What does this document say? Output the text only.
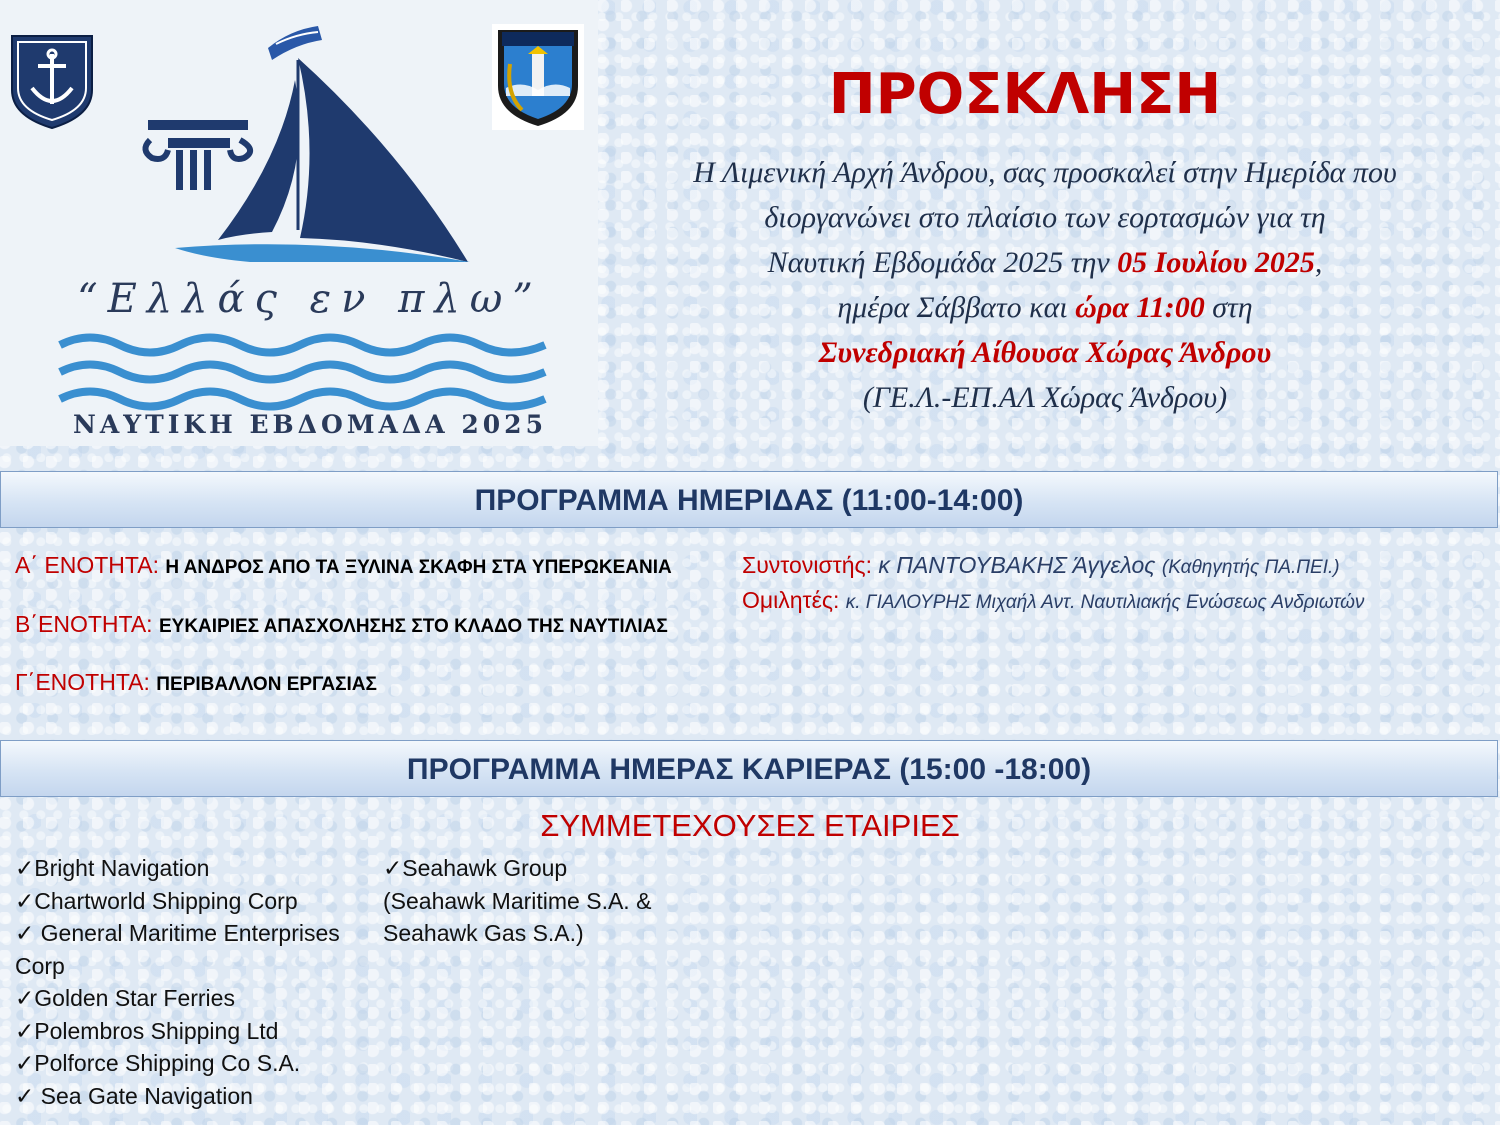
“Ελλάς εν πλω”
ΝΑΥΤΙΚΗ ΕΒΔΟΜΑΔΑ 2025
ΠΡΟΣΚΛΗΣΗ

Η Λιμενική Αρχή Άνδρου, σας προσκαλεί στην Ημερίδα που

διοργανώνει στο πλαίσιο των εορτασμών για τη

Ναυτική Εβδομάδα 2025 την 05 Ιουλίου 2025,

ημέρα Σάββατο και ώρα 11:00 στη

Συνεδριακή Αίθουσα Χώρας Άνδρου

(ΓΕ.Λ.-ΕΠ.ΑΛ Χώρας Άνδρου)

ΠΡΟΓΡΑΜΜΑ ΗΜΕΡΙΔΑΣ (11:00-14:00)
Α΄ ΕΝΟΤΗΤΑ: Η ΑΝΔΡΟΣ ΑΠΟ ΤΑ ΞΥΛΙΝΑ ΣΚΑΦΗ ΣΤΑ ΥΠΕΡΩΚΕΑΝΙΑ	Συντονιστής: κ ΠΑΝΤΟΥΒΑΚΗΣ Άγγελος (Καθηγητής ΠΑ.ΠΕΙ.)
Ομιλητές: κ. ΓΙΑΛΟΥΡΗΣ Μιχαήλ Αντ. Ναυτιλιακής Ενώσεως Ανδριωτών
Β΄ΕΝΟΤΗΤΑ: ΕΥΚΑΙΡΙΕΣ ΑΠΑΣΧΟΛΗΣΗΣ ΣΤΟ ΚΛΑΔΟ ΤΗΣ ΝΑΥΤΙΛΙΑΣ
Γ΄ΕΝΟΤΗΤΑ: ΠΕΡΙΒΑΛΛΟΝ ΕΡΓΑΣΙΑΣ
ΠΡΟΓΡΑΜΜΑ ΗΜΕΡΑΣ ΚΑΡΙΕΡΑΣ (15:00 -18:00)
ΣΥΜΜΕΤΕΧΟΥΣΕΣ ΕΤΑΙΡΙΕΣ
✓Bright Navigation
✓Chartworld Shipping Corp
✓ General Maritime Enterprises
Corp
✓Golden Star Ferries
✓Polembros Shipping Ltd
✓Polforce Shipping Co S.A.
✓ Sea Gate Navigation
✓Seahawk Group
(Seahawk Maritime S.A. &
Seahawk Gas S.A.)
